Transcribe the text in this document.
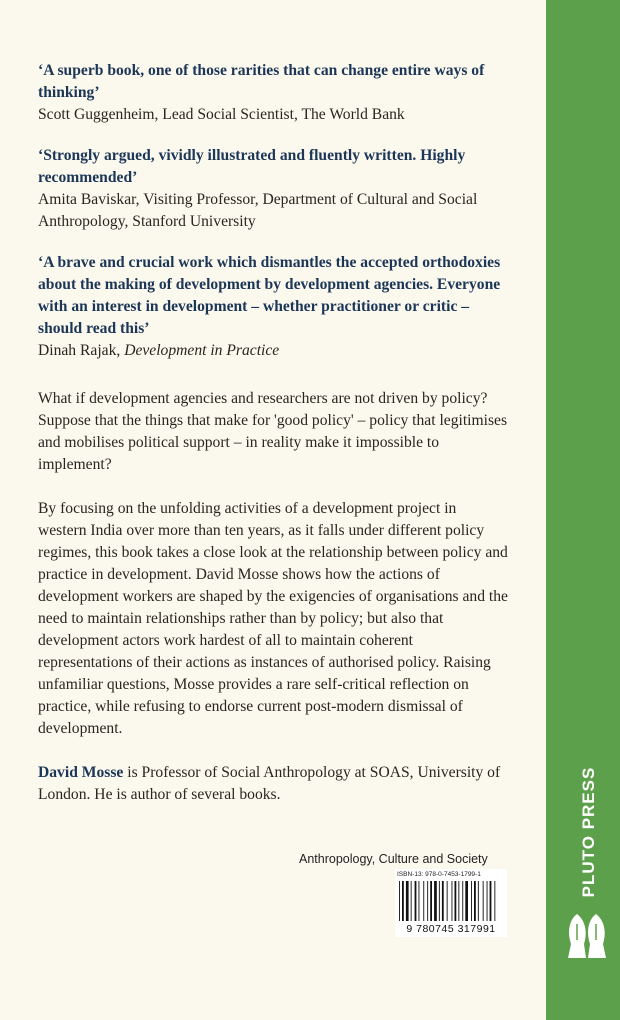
‘A superb book, one of those rarities that can change entire ways of thinking’
Scott Guggenheim, Lead Social Scientist, The World Bank
‘Strongly argued, vividly illustrated and fluently written. Highly recommended’
Amita Baviskar, Visiting Professor, Department of Cultural and Social Anthropology, Stanford University
‘A brave and crucial work which dismantles the accepted orthodoxies about the making of development by development agencies. Everyone with an interest in development – whether practitioner or critic – should read this’
Dinah Rajak, Development in Practice

What if development agencies and researchers are not driven by policy? Suppose that the things that make for 'good policy' – policy that legitimises and mobilises political support – in reality make it impossible to implement?

By focusing on the unfolding activities of a development project in western India over more than ten years, as it falls under different policy regimes, this book takes a close look at the relationship between policy and practice in development. David Mosse shows how the actions of development workers are shaped by the exigencies of organisations and the need to maintain relationships rather than by policy; but also that development actors work hardest of all to maintain coherent representations of their actions as instances of authorised policy. Raising unfamiliar questions, Mosse provides a rare self-critical reflection on practice, while refusing to endorse current post-modern dismissal of development.

David Mosse is Professor of Social Anthropology at SOAS, University of London. He is author of several books.

Anthropology, Culture and Society
ISBN-13: 978-0-7453-1799-1
9 780745 317991
PLUTO PRESS
